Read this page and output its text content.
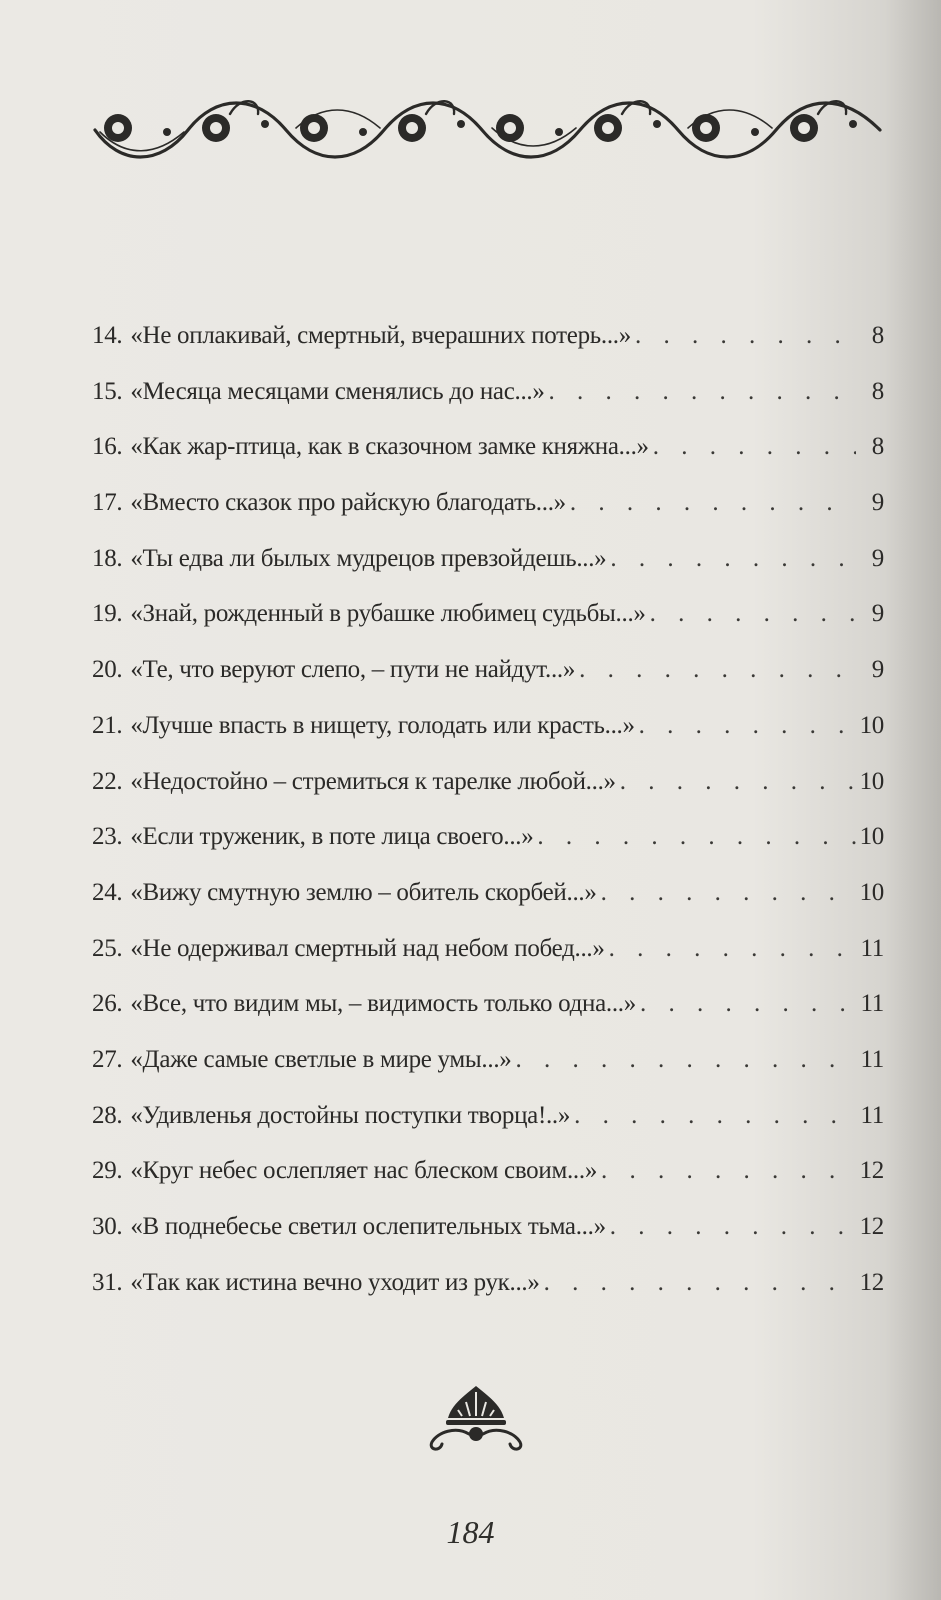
14. «Не оплакивай, смертный, вчерашних потерь...» . . .	8
15. «Месяца месяцами сменялись до нас...» . . .	8
16. «Как жар-птица, как в сказочном замке княжна...» . . .	8
17. «Вместо сказок про райскую благодать...» . . .	9
18. «Ты едва ли былых мудрецов превзойдешь...» . . .	9
19. «Знай, рожденный в рубашке любимец судьбы...» . . .	9
20. «Те, что веруют слепо, – пути не найдут...» . . .	9
21. «Лучше впасть в нищету, голодать или красть...» . . .	10
22. «Недостойно – стремиться к тарелке любой...» . . .	10
23. «Если труженик, в поте лица своего...» . . .	10
24. «Вижу смутную землю – обитель скорбей...» . . .	10
25. «Не одерживал смертный над небом побед...» . . .	11
26. «Все, что видим мы, – видимость только одна...» . . .	11
27. «Даже самые светлые в мире умы...» . . .	11
28. «Удивленья достойны поступки творца!..» . . .	11
29. «Круг небес ослепляет нас блеском своим...» . . .	12
30. «В поднебесье светил ослепительных тьма...» . . .	12
31. «Так как истина вечно уходит из рук...» . . .	12
184
